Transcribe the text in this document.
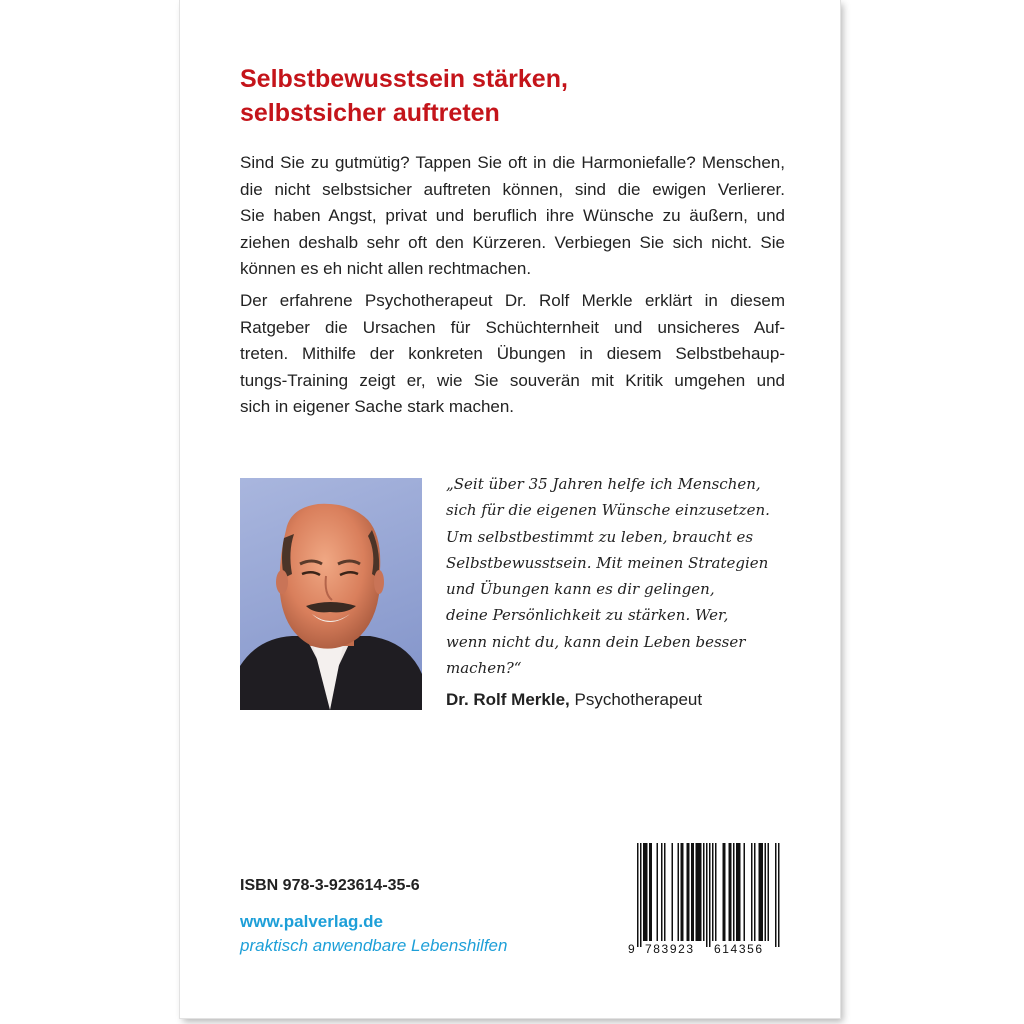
Selbstbewusstsein stärken,
selbstsicher auftreten

Sind Sie zu gutmütig? Tappen Sie oft in die Harmoniefalle? Menschen,
die nicht selbstsicher auftreten können, sind die ewigen Verlierer.
Sie haben Angst, privat und beruflich ihre Wünsche zu äußern, und
ziehen deshalb sehr oft den Kürzeren. Verbiegen Sie sich nicht. Sie
können es eh nicht allen rechtmachen.

Der erfahrene Psychotherapeut Dr. Rolf Merkle erklärt in diesem
Ratgeber die Ursachen für Schüchternheit und unsicheres Auf-
treten. Mithilfe der konkreten Übungen in diesem Selbstbehaup-
tungs-Training zeigt er, wie Sie souverän mit Kritik umgehen und
sich in eigener Sache stark machen.

„Seit über 35 Jahren helfe ich Menschen,
sich für die eigenen Wünsche einzusetzen.
Um selbstbestimmt zu leben, braucht es
Selbstbewusstsein. Mit meinen Strategien
und Übungen kann es dir gelingen,
deine Persönlichkeit zu stärken. Wer,
wenn nicht du, kann dein Leben besser
machen?“

Dr. Rolf Merkle, Psychotherapeut

ISBN 978-3-923614-35-6

www.palverlag.de

praktisch anwendbare Lebenshilfen	9 783923 614356
